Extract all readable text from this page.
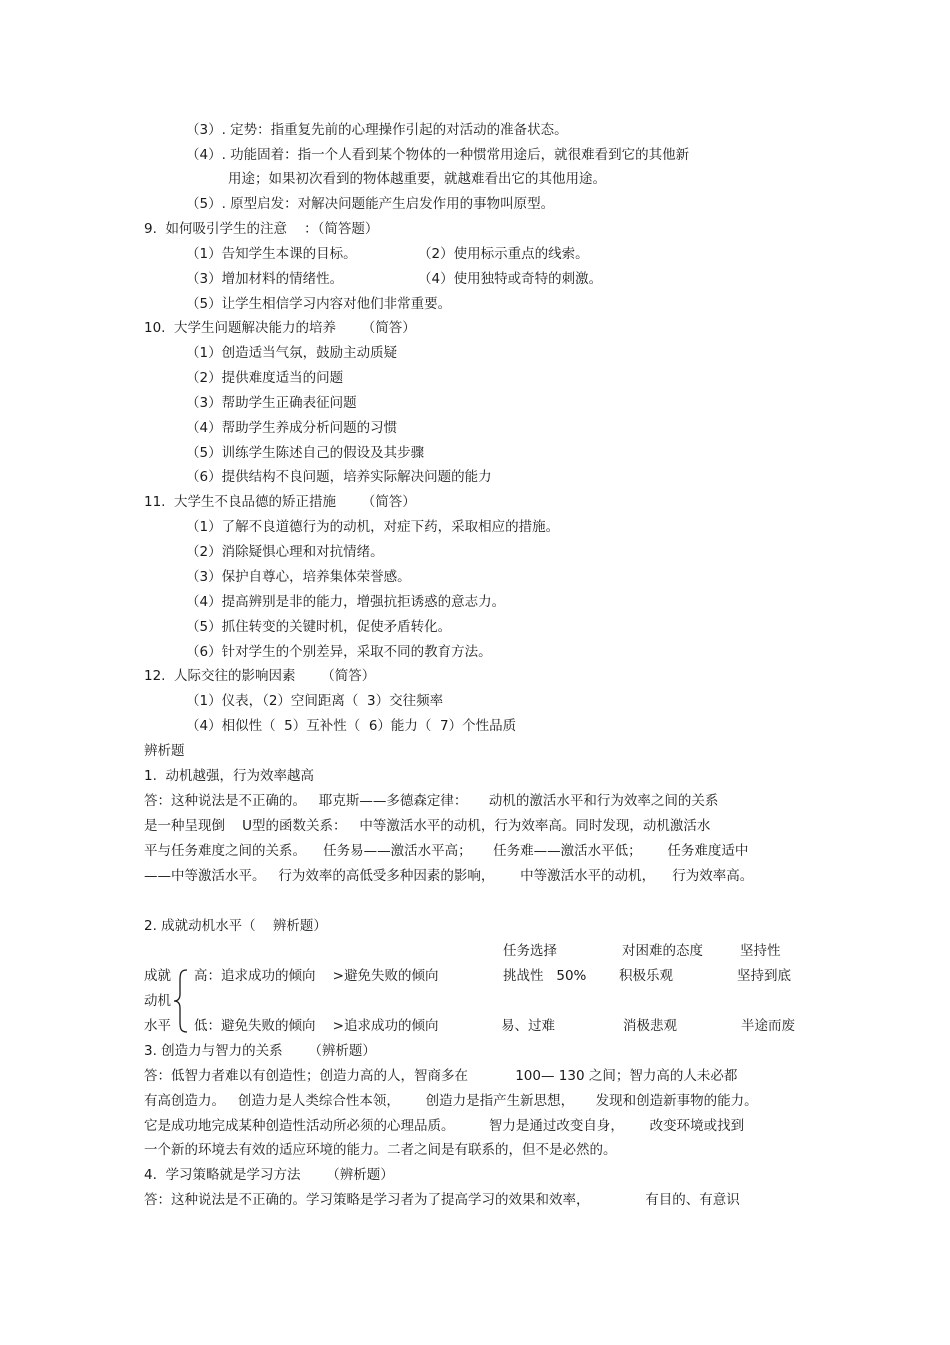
（3）. 定势：指重复先前的心理操作引起的对活动的准备状态。
（4）. 功能固着：指一个人看到某个物体的一种惯常用途后，就很难看到它的其他新
用途；如果初次看到的物体越重要，就越难看出它的其他用途。
（5）. 原型启发：对解决问题能产生启发作用的事物叫原型。
9.  如何吸引学生的注意    ：（简答题）
（1）告知学生本课的目标。	（2）使用标示重点的线索。
（3）增加材料的情绪性。	（4）使用独特或奇特的刺激。
（5）让学生相信学习内容对他们非常重要。
10.  大学生问题解决能力的培养      （简答）
（1）创造适当气氛，鼓励主动质疑
（2）提供难度适当的问题
（3）帮助学生正确表征问题
（4）帮助学生养成分析问题的习惯
（5）训练学生陈述自己的假设及其步骤
（6）提供结构不良问题，培养实际解决问题的能力
11.  大学生不良品德的矫正措施      （简答）
（1）了解不良道德行为的动机，对症下药，采取相应的措施。
（2）消除疑惧心理和对抗情绪。
（3）保护自尊心，培养集体荣誉感。
（4）提高辨别是非的能力，增强抗拒诱惑的意志力。
（5）抓住转变的关键时机，促使矛盾转化。
（6）针对学生的个别差异，采取不同的教育方法。
12.  人际交往的影响因素      （简答）
（1）仪表，（2）空间距离（  3）交往频率
（4）相似性（  5）互补性（  6）能力（  7）个性品质
辨析题
1.  动机越强，行为效率越高
答：这种说法是不正确的。   耶克斯——多德森定律：     动机的激活水平和行为效率之间的关系
是一种呈现倒    U型的函数关系：   中等激活水平的动机，行为效率高。同时发现，动机激活水
平与任务难度之间的关系。    任务易——激活水平高；     任务难——激活水平低；      任务难度适中
——中等激活水平。   行为效率的高低受多种因素的影响，      中等激活水平的动机，    行为效率高。
2. 成就动机水平（    辨析题）
任务选择	对困难的态度	坚持性
成就 高：追求成功的倾向    >避免失败的倾向	挑战性   50% 积极乐观	坚持到底
动机
水平 低：避免失败的倾向    >追求成功的倾向	易、过难	消极悲观	半途而废
3. 创造力与智力的关系      （辨析题）
答：低智力者难以有创造性；创造力高的人，智商多在           100— 130 之间；智力高的人未必都
有高创造力。   创造力是人类综合性本领，      创造力是指产生新思想，     发现和创造新事物的能力。
它是成功地完成某种创造性活动所必须的心理品质。        智力是通过改变自身，      改变环境或找到
一个新的环境去有效的适应环境的能力。二者之间是有联系的，但不是必然的。
4.  学习策略就是学习方法      （辨析题）
答：这种说法是不正确的。学习策略是学习者为了提高学习的效果和效率，             有目的、有意识
